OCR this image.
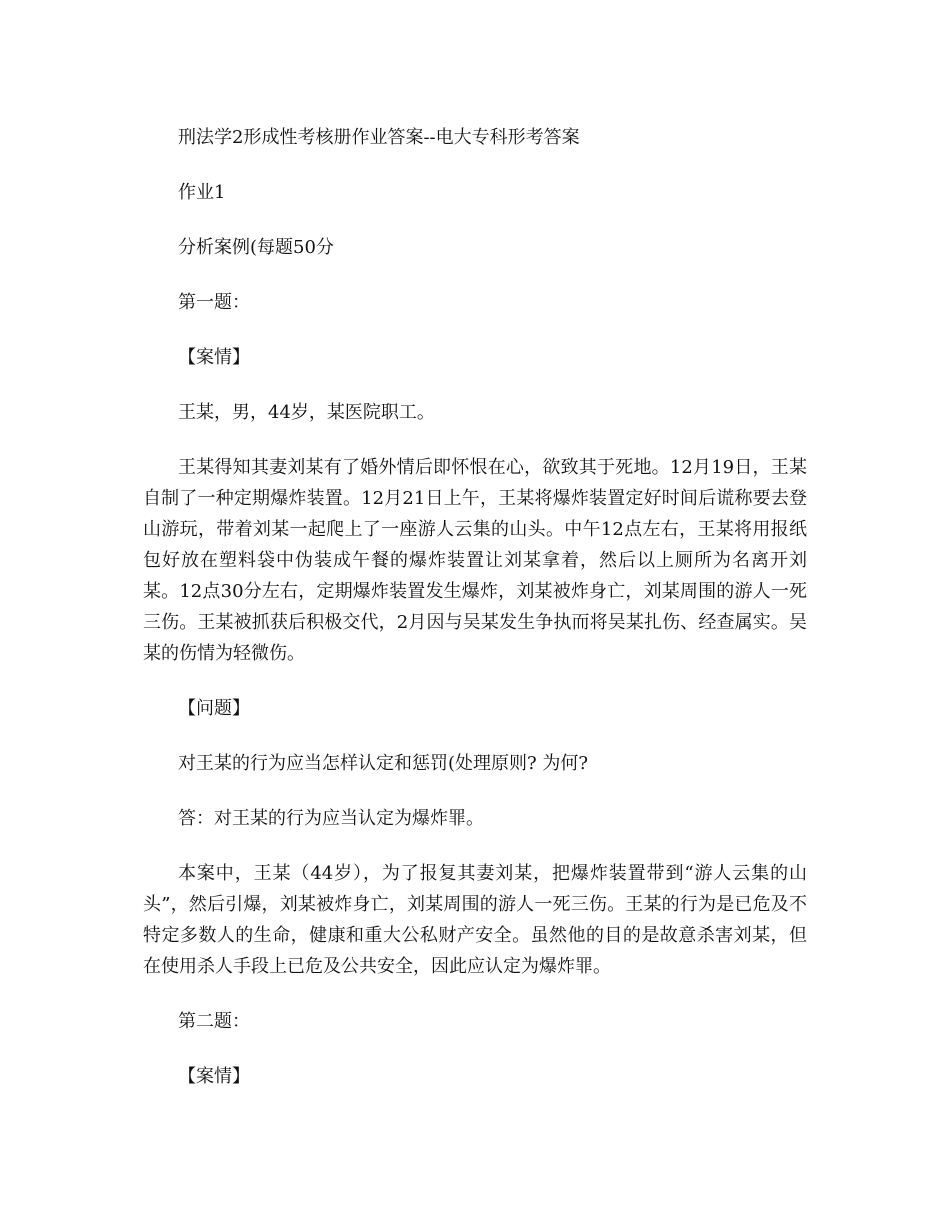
刑法学2形成性考核册作业答案--电大专科形考答案

作业1

分析案例(每题50分

第一题：

【案情】

王某，男，44岁，某医院职工。

王某得知其妻刘某有了婚外情后即怀恨在心，欲致其于死地。12月19日，王某自制了一种定期爆炸装置。12月21日上午，王某将爆炸装置定好时间后谎称要去登山游玩，带着刘某一起爬上了一座游人云集的山头。中午12点左右，王某将用报纸包好放在塑料袋中伪装成午餐的爆炸装置让刘某拿着，然后以上厕所为名离开刘某。12点30分左右，定期爆炸装置发生爆炸，刘某被炸身亡，刘某周围的游人一死三伤。王某被抓获后积极交代，2月因与吴某发生争执而将吴某扎伤、经查属实。吴某的伤情为轻微伤。

【问题】

对王某的行为应当怎样认定和惩罚(处理原则? 为何?

答：对王某的行为应当认定为爆炸罪。

本案中，王某（44岁），为了报复其妻刘某，把爆炸装置带到“游人云集的山头”，然后引爆，刘某被炸身亡，刘某周围的游人一死三伤。王某的行为是已危及不特定多数人的生命，健康和重大公私财产安全。虽然他的目的是故意杀害刘某，但在使用杀人手段上已危及公共安全，因此应认定为爆炸罪。

第二题：

【案情】
